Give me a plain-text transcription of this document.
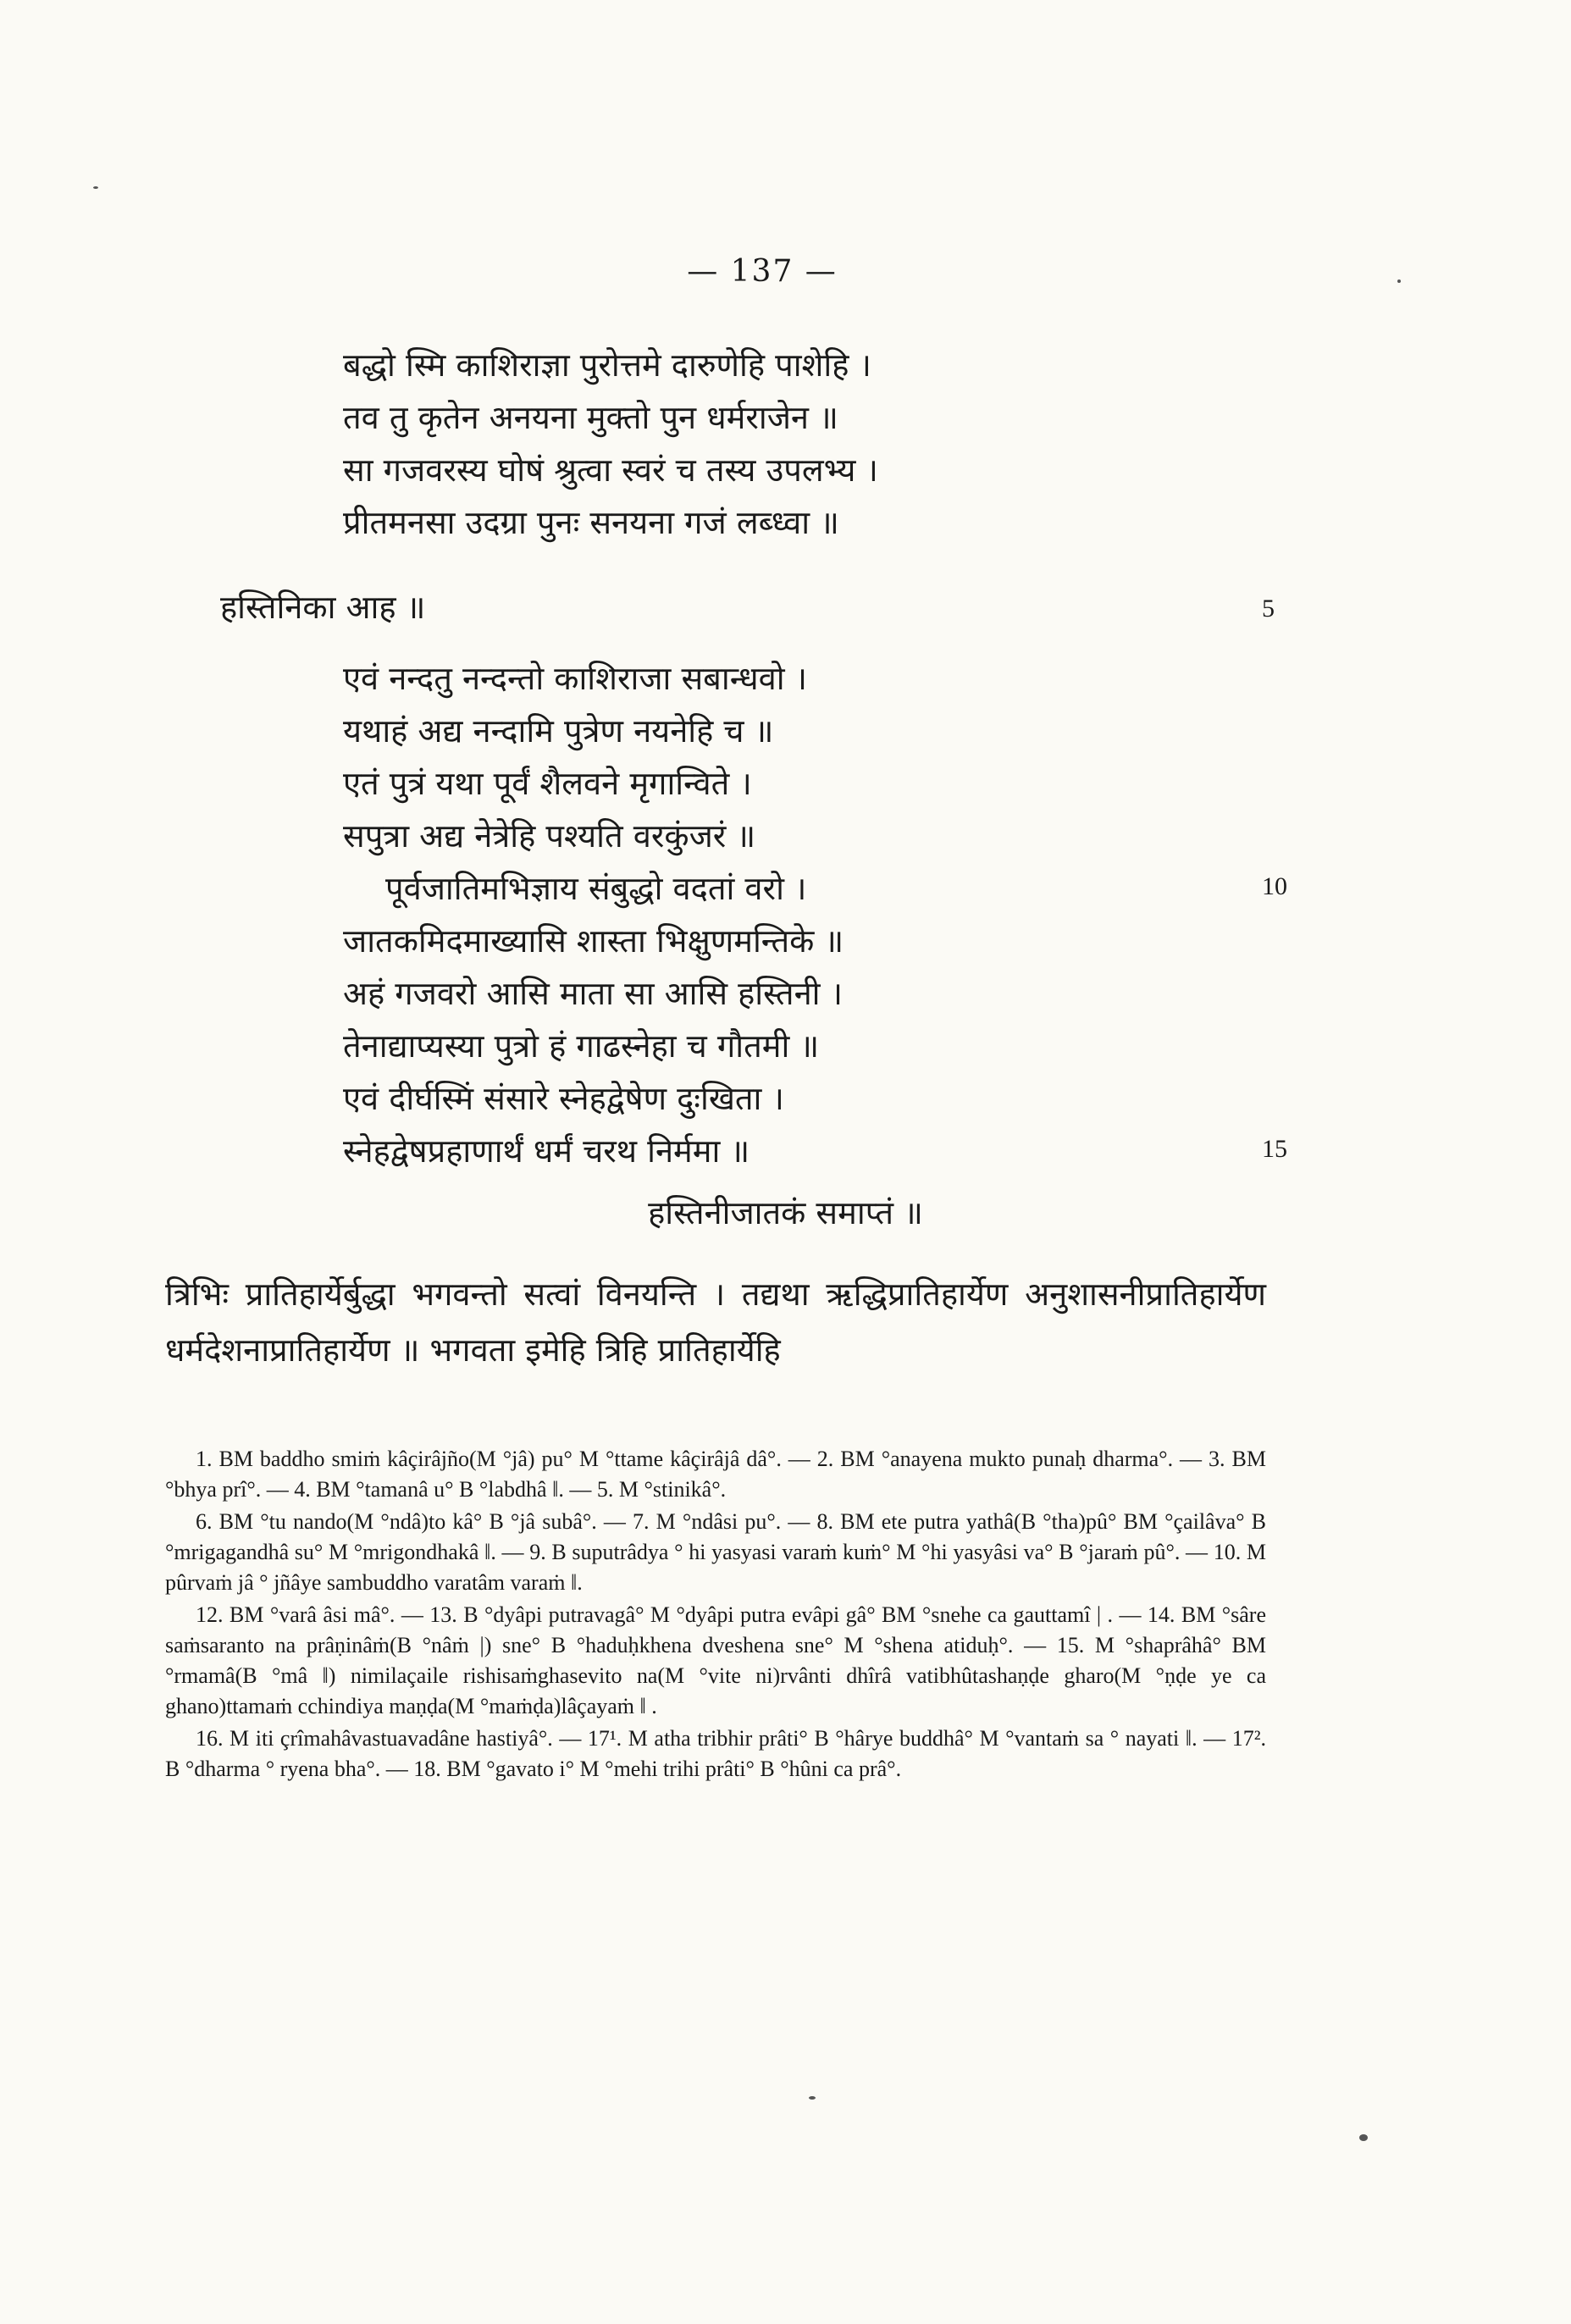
— 137 —
बद्धो स्मि काशिराज्ञा पुरोत्तमे दारुणेहि पाशेहि ।
तव तु कृतेन अनयना मुक्तो पुन धर्मराजेन ॥
सा गजवरस्य घोषं श्रुत्वा स्वरं च तस्य उपलभ्य ।
प्रीतमनसा उदग्रा पुनः सनयना गजं लब्ध्वा ॥
हस्तिनिका आह ॥	5
एवं नन्दतु नन्दन्तो काशिराजा सबान्धवो ।
यथाहं अद्य नन्दामि पुत्रेण नयनेहि च ॥
एतं पुत्रं यथा पूर्वं शैलवने मृगान्विते ।
सपुत्रा अद्य नेत्रेहि पश्यति वरकुंजरं ॥
पूर्वजातिमभिज्ञाय संबुद्धो वदतां वरो ।	10
जातकमिदमाख्यासि शास्ता भिक्षुणमन्तिके ॥
अहं गजवरो आसि माता सा आसि हस्तिनी ।
तेनाद्याप्यस्या पुत्रो हं गाढस्नेहा च गौतमी ॥
एवं दीर्घस्मिं संसारे स्नेहद्वेषेण दुःखिता ।
स्नेहद्वेषप्रहाणार्थं धर्मं चरथ निर्ममा ॥	15
हस्तिनीजातकं समाप्तं ॥
त्रिभिः प्रातिहार्येर्बुद्धा भगवन्तो सत्वां विनयन्ति । तद्यथा ऋद्धिप्रातिहार्येण अनुशासनीप्रातिहार्येण धर्मदेशनाप्रातिहार्येण ॥ भगवता इमेहि त्रिहि प्रातिहार्येहि

1. BM baddho smiṁ kâçirâjño(M °jâ) pu° M °ttame kâçirâjâ dâ°. — 2. BM °anayena mukto punaḥ dharma°. — 3. BM °bhya prî°. — 4. BM °tamanâ u° B °labdhâ ‖. — 5. M °stinikâ°.

6. BM °tu nando(M °ndâ)to kâ° B °jâ subâ°. — 7. M °ndâsi pu°. — 8. BM ete putra yathâ(B °tha)pû° BM °çailâva° B °mrigagandhâ su° M °mrigondhakâ ‖. — 9. B suputrâdya ° hi yasyasi varaṁ kuṁ° M °hi yasyâsi va° B °jaraṁ pû°. — 10. M pûrvaṁ jâ ° jñâye sambuddho varatâm varaṁ ‖.

12. BM °varâ âsi mâ°. — 13. B °dyâpi putravagâ° M °dyâpi putra evâpi gâ° BM °snehe ca gauttamî | . — 14. BM °sâre saṁsaranto na prâṇinâṁ(B °nâṁ |) sne° B °haduḥkhena dveshena sne° M °shena atiduḥ°. — 15. M °shaprâhâ° BM °rmamâ(B °mâ ‖) nimilaçaile rishisaṁghasevito na(M °vite ni)rvânti dhîrâ vatibhûtashaṇḍe gharo(M °ṇḍe ye ca ghano)ttamaṁ cchindiya maṇḍa(M °maṁḍa)lâçayaṁ ‖ .

16. M iti çrîmahâvastuavadâne hastiyâ°. — 17¹. M atha tribhir prâti° B °hârye buddhâ° M °vantaṁ sa ° nayati ‖. — 17². B °dharma ° ryena bha°. — 18. BM °gavato i° M °mehi trihi prâti° B °hûni ca prâ°.
